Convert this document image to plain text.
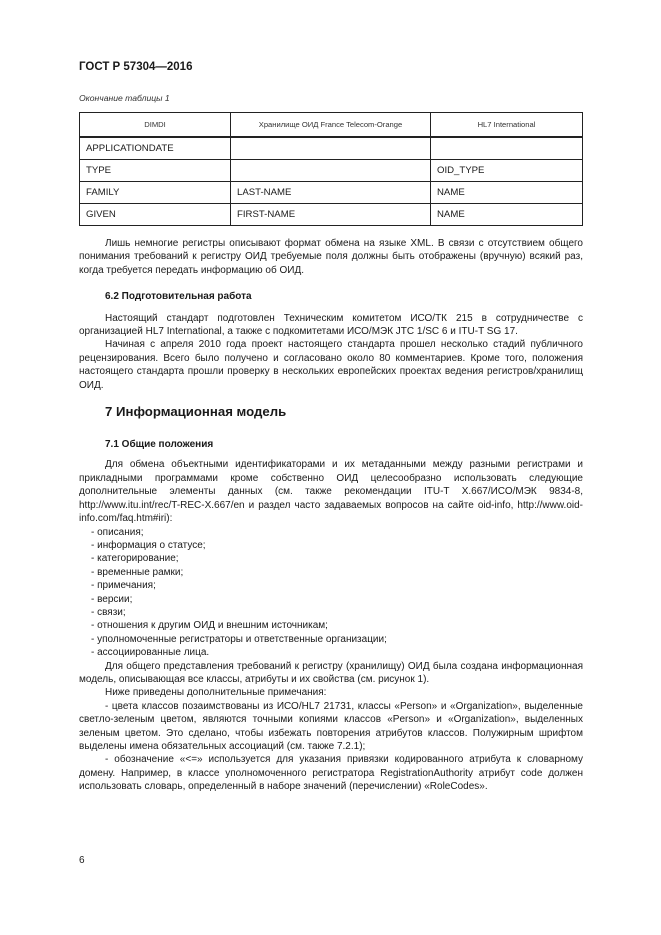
ГОСТ Р 57304—2016
Окончание таблицы 1
DIMDI	Хранилище ОИД France Telecom-Orange	HL7 International
APPLICATIONDATE		
TYPE		OID_TYPE
FAMILY	LAST-NAME	NAME
GIVEN	FIRST-NAME	NAME

Лишь немногие регистры описывают формат обмена на языке XML. В связи с отсутствием общего понимания требований к регистру ОИД требуемые поля должны быть отображены (вручную) всякий раз, когда требуется передать информацию об ОИД.

6.2 Подготовительная работа

Настоящий стандарт подготовлен Техническим комитетом ИСО/ТК 215 в сотрудничестве с организацией HL7 International, а также с подкомитетами ИСО/МЭК JTC 1/SC 6 и ITU-T SG 17.

Начиная с апреля 2010 года проект настоящего стандарта прошел несколько стадий публичного рецензирования. Всего было получено и согласовано около 80 комментариев. Кроме того, положения настоящего стандарта прошли проверку в нескольких европейских проектах ведения регистров/хранилищ ОИД.

7 Информационная модель

7.1 Общие положения

Для обмена объектными идентификаторами и их метаданными между разными регистрами и прикладными программами кроме собственно ОИД целесообразно использовать следующие дополнительные элементы данных (см. также рекомендации ITU-T X.667/ИСО/МЭК 9834-8, http://www.itu.int/rec/T-REC-X.667/en и раздел часто задаваемых вопросов на сайте oid-info, http://www.oid-info.com/faq.htm#iri):

- описания;

- информация о статусе;

- категорирование;

- временные рамки;

- примечания;

- версии;

- связи;

- отношения к другим ОИД и внешним источникам;

- уполномоченные регистраторы и ответственные организации;

- ассоциированные лица.

Для общего представления требований к регистру (хранилищу) ОИД была создана информационная модель, описывающая все классы, атрибуты и их свойства (см. рисунок 1).

Ниже приведены дополнительные примечания:

- цвета классов позаимствованы из ИСО/HL7 21731, классы «Person» и «Organization», выделенные светло-зеленым цветом, являются точными копиями классов «Person» и «Organization», выделенных зеленым цветом. Это сделано, чтобы избежать повторения атрибутов классов. Полужирным шрифтом выделены имена обязательных ассоциаций (см. также 7.2.1);

- обозначение «<=» используется для указания привязки кодированного атрибута к словарному домену. Например, в классе уполномоченного регистратора RegistrationAuthority атрибут code должен использовать словарь, определенный в наборе значений (перечислении) «RoleCodes».

6
